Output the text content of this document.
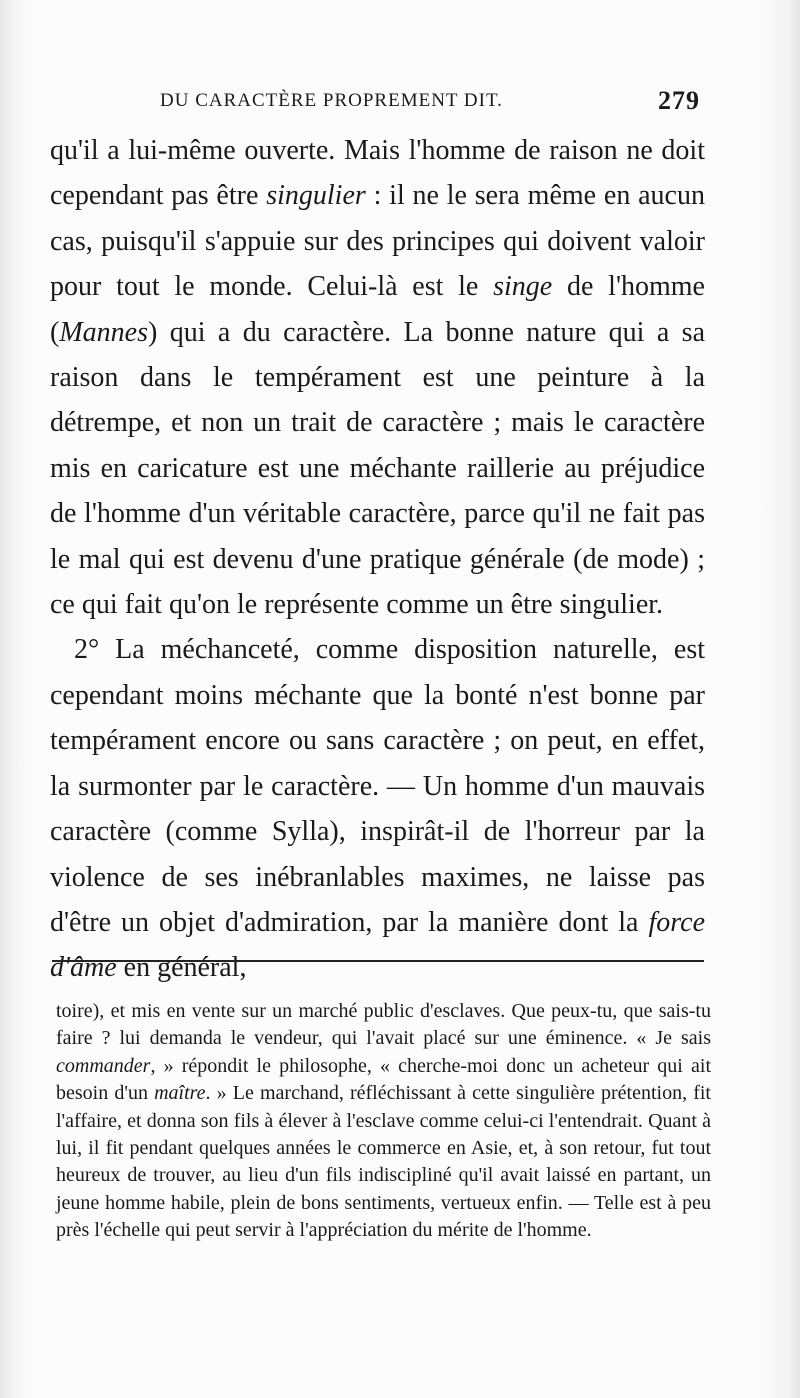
DU CARACTÈRE PROPREMENT DIT.	279

qu'il a lui-même ouverte. Mais l'homme de raison ne doit cependant pas être singulier : il ne le sera même en aucun cas, puisqu'il s'appuie sur des principes qui doivent valoir pour tout le monde. Celui-là est le singe de l'homme (Mannes) qui a du caractère. La bonne nature qui a sa raison dans le tempérament est une peinture à la détrempe, et non un trait de caractère ; mais le caractère mis en caricature est une méchante raillerie au préjudice de l'homme d'un véritable caractère, parce qu'il ne fait pas le mal qui est devenu d'une pratique générale (de mode) ; ce qui fait qu'on le représente comme un être singulier.

2° La méchanceté, comme disposition naturelle, est cependant moins méchante que la bonté n'est bonne par tempérament encore ou sans caractère ; on peut, en effet, la surmonter par le caractère. — Un homme d'un mauvais caractère (comme Sylla), inspirât-il de l'horreur par la violence de ses inébranlables maximes, ne laisse pas d'être un objet d'admiration, par la manière dont la force d'âme en général,

toire), et mis en vente sur un marché public d'esclaves. Que peux-tu, que sais-tu faire ? lui demanda le vendeur, qui l'avait placé sur une éminence. « Je sais commander, » répondit le philosophe, « cherche-moi donc un acheteur qui ait besoin d'un maître. » Le marchand, réfléchissant à cette singulière prétention, fit l'affaire, et donna son fils à élever à l'esclave comme celui-ci l'entendrait. Quant à lui, il fit pendant quelques années le commerce en Asie, et, à son retour, fut tout heureux de trouver, au lieu d'un fils indiscipliné qu'il avait laissé en partant, un jeune homme habile, plein de bons sentiments, vertueux enfin. — Telle est à peu près l'échelle qui peut servir à l'appréciation du mérite de l'homme.
